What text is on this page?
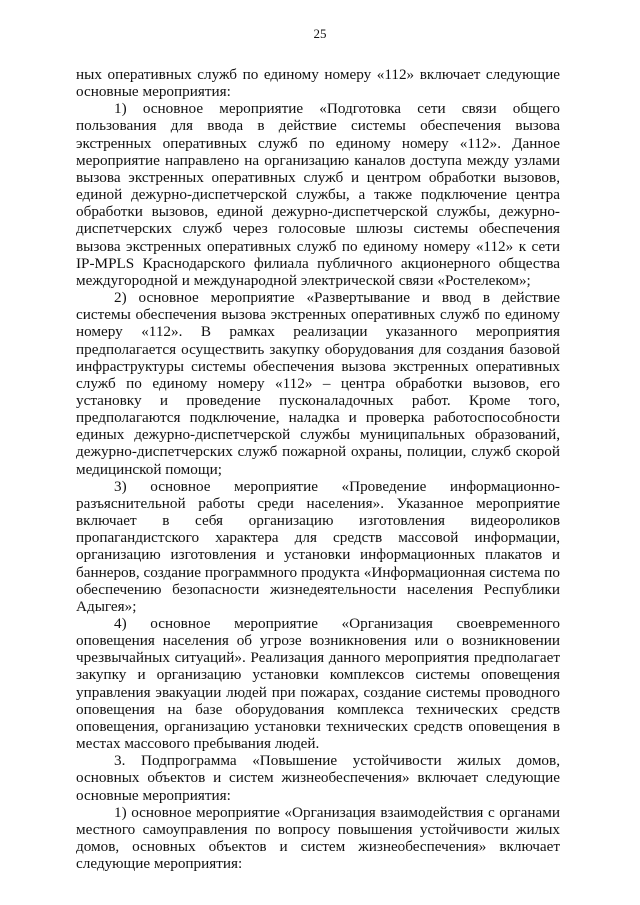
25

ных оперативных служб по единому номеру «112» включает следующие основные мероприятия:

1) основное мероприятие «Подготовка сети связи общего пользования для ввода в действие системы обеспечения вызова экстренных оперативных служб по единому номеру «112». Данное мероприятие направлено на организацию каналов доступа между узлами вызова экстренных оперативных служб и центром обработки вызовов, единой дежурно-диспетчерской службы, а также подключение центра обработки вызовов, единой дежурно-диспетчерской службы, дежурно-диспетчерских служб через голосовые шлюзы системы обеспечения вызова экстренных оперативных служб по единому номеру «112» к сети IP-MPLS Краснодарского филиала публичного акционерного общества междугородной и международной электрической связи «Ростелеком»;

2) основное мероприятие «Развертывание и ввод в действие системы обеспечения вызова экстренных оперативных служб по единому номеру «112». В рамках реализации указанного мероприятия предполагается осуществить закупку оборудования для создания базовой инфраструктуры системы обеспечения вызова экстренных оперативных служб по единому номеру «112» – центра обработки вызовов, его установку и проведение пусконаладочных работ. Кроме того, предполагаются подключение, наладка и проверка работоспособности единых дежурно-диспетчерской службы муниципальных образований, дежурно-диспетчерских служб пожарной охраны, полиции, служб скорой медицинской помощи;

3) основное мероприятие «Проведение информационно-разъяснительной работы среди населения». Указанное мероприятие включает в себя организацию изготовления видеороликов пропагандистского характера для средств массовой информации, организацию изготовления и установки информационных плакатов и баннеров, создание программного продукта «Информационная система по обеспечению безопасности жизнедеятельности населения Республики Адыгея»;

4) основное мероприятие «Организация своевременного оповещения населения об угрозе возникновения или о возникновении чрезвычайных ситуаций». Реализация данного мероприятия предполагает закупку и организацию установки комплексов системы оповещения управления эвакуации людей при пожарах, создание системы проводного оповещения на базе оборудования комплекса технических средств оповещения, организацию установки технических средств оповещения в местах массового пребывания людей.

3. Подпрограмма «Повышение устойчивости жилых домов, основных объектов и систем жизнеобеспечения» включает следующие основные мероприятия:

1) основное мероприятие «Организация взаимодействия с органами местного самоуправления по вопросу повышения устойчивости жилых домов, основных объектов и систем жизнеобеспечения» включает следующие мероприятия:
